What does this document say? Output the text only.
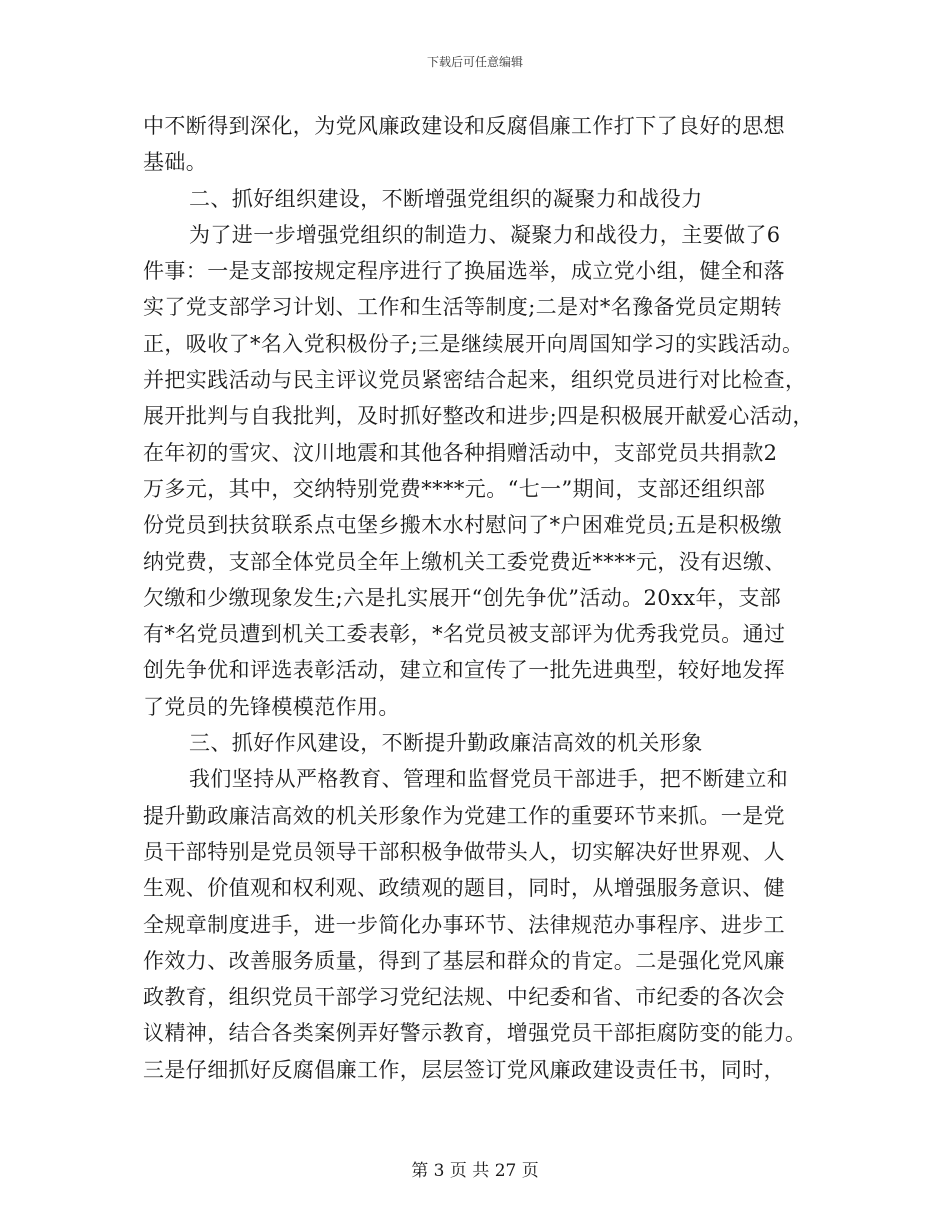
下载后可任意编辑
中不断得到深化，为党风廉政建设和反腐倡廉工作打下了良好的思想
基础。
二、抓好组织建设，不断增强党组织的凝聚力和战役力
为了进一步增强党组织的制造力、凝聚力和战役力，主要做了6
件事：一是支部按规定程序进行了换届选举，成立党小组，健全和落
实了党支部学习计划、工作和生活等制度;二是对*名豫备党员定期转
正，吸收了*名入党积极份子;三是继续展开向周国知学习的实践活动。
并把实践活动与民主评议党员紧密结合起来，组织党员进行对比检查，
展开批判与自我批判，及时抓好整改和进步;四是积极展开献爱心活动，
在年初的雪灾、汶川地震和其他各种捐赠活动中，支部党员共捐款2
万多元，其中，交纳特别党费****元。“七一”期间，支部还组织部
份党员到扶贫联系点屯堡乡搬木水村慰问了*户困难党员;五是积极缴
纳党费，支部全体党员全年上缴机关工委党费近****元，没有迟缴、
欠缴和少缴现象发生;六是扎实展开“创先争优”活动。20xx年，支部
有*名党员遭到机关工委表彰，*名党员被支部评为优秀我党员。通过
创先争优和评选表彰活动，建立和宣传了一批先进典型，较好地发挥
了党员的先锋模模范作用。
三、抓好作风建设，不断提升勤政廉洁高效的机关形象
我们坚持从严格教育、管理和监督党员干部进手，把不断建立和
提升勤政廉洁高效的机关形象作为党建工作的重要环节来抓。一是党
员干部特别是党员领导干部积极争做带头人，切实解决好世界观、人
生观、价值观和权利观、政绩观的题目，同时，从增强服务意识、健
全规章制度进手，进一步简化办事环节、法律规范办事程序、进步工
作效力、改善服务质量，得到了基层和群众的肯定。二是强化党风廉
政教育，组织党员干部学习党纪法规、中纪委和省、市纪委的各次会
议精神，结合各类案例弄好警示教育，增强党员干部拒腐防变的能力。
三是仔细抓好反腐倡廉工作，层层签订党风廉政建设责任书，同时，
第 3 页 共 27 页
